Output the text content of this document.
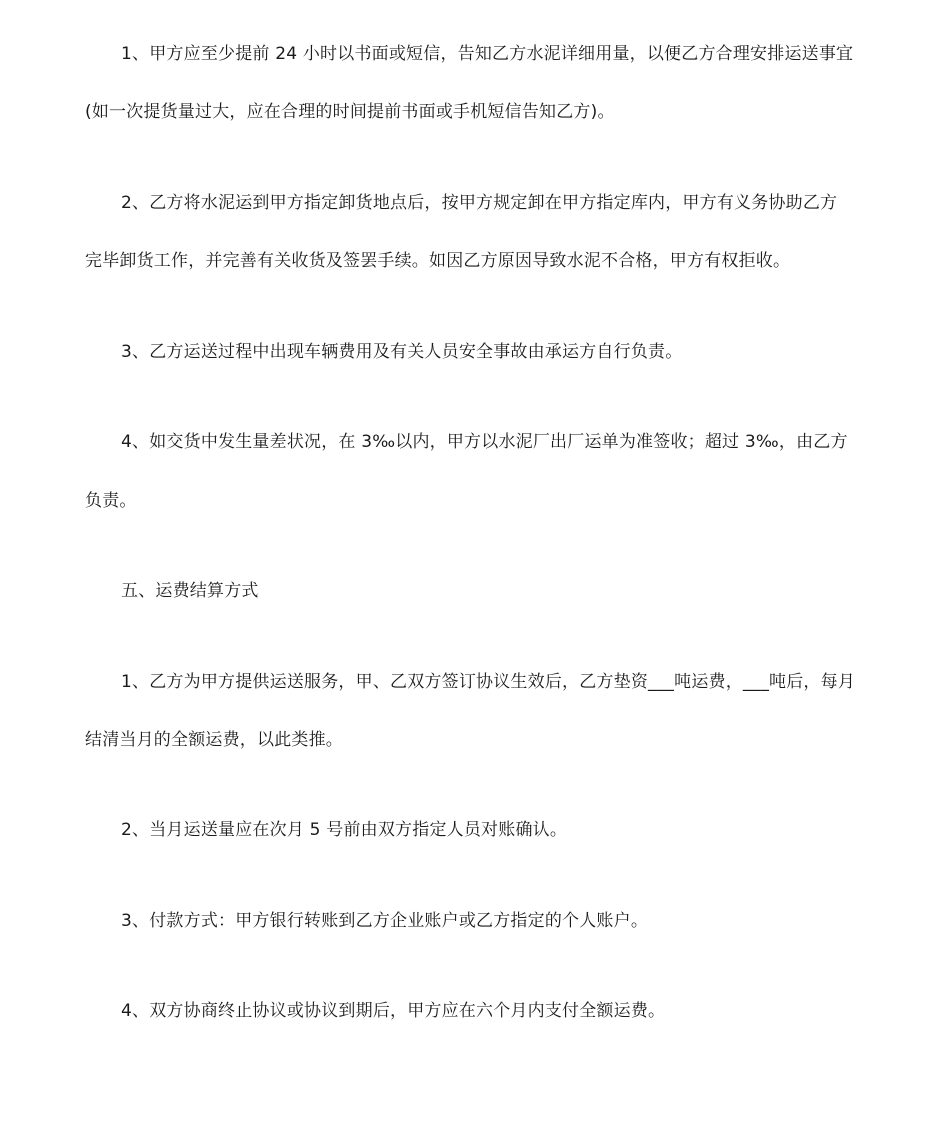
1、甲方应至少提前 24 小时以书面或短信，告知乙方水泥详细用量，以便乙方合理安排运送事宜
(如一次提货量过大，应在合理的时间提前书面或手机短信告知乙方)。
2、乙方将水泥运到甲方指定卸货地点后，按甲方规定卸在甲方指定库内，甲方有义务协助乙方
完毕卸货工作，并完善有关收货及签罢手续。如因乙方原因导致水泥不合格，甲方有权拒收。
3、乙方运送过程中出现车辆费用及有关人员安全事故由承运方自行负责。
4、如交货中发生量差状况，在 3‰以内，甲方以水泥厂出厂运单为准签收；超过 3‰，由乙方
负责。
五、运费结算方式
1、乙方为甲方提供运送服务，甲、乙双方签订协议生效后，乙方垫资___吨运费，___吨后，每月
结清当月的全额运费，以此类推。
2、当月运送量应在次月 5 号前由双方指定人员对账确认。
3、付款方式：甲方银行转账到乙方企业账户或乙方指定的个人账户。
4、双方协商终止协议或协议到期后，甲方应在六个月内支付全额运费。
